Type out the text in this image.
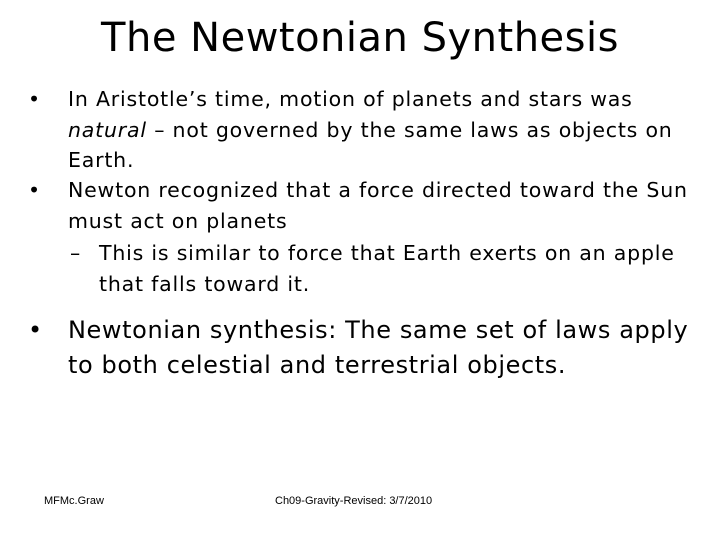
The Newtonian Synthesis
• In Aristotle’s time, motion of planets and stars was natural – not governed by the same laws as objects on Earth.
• Newton recognized that a force directed toward the Sun must act on planets
– This is similar to force that Earth exerts on an apple that falls toward it.
• Newtonian synthesis: The same set of laws apply to both celestial and terrestrial objects.
MFMc.Graw	Ch09-Gravity-Revised: 3/7/2010
